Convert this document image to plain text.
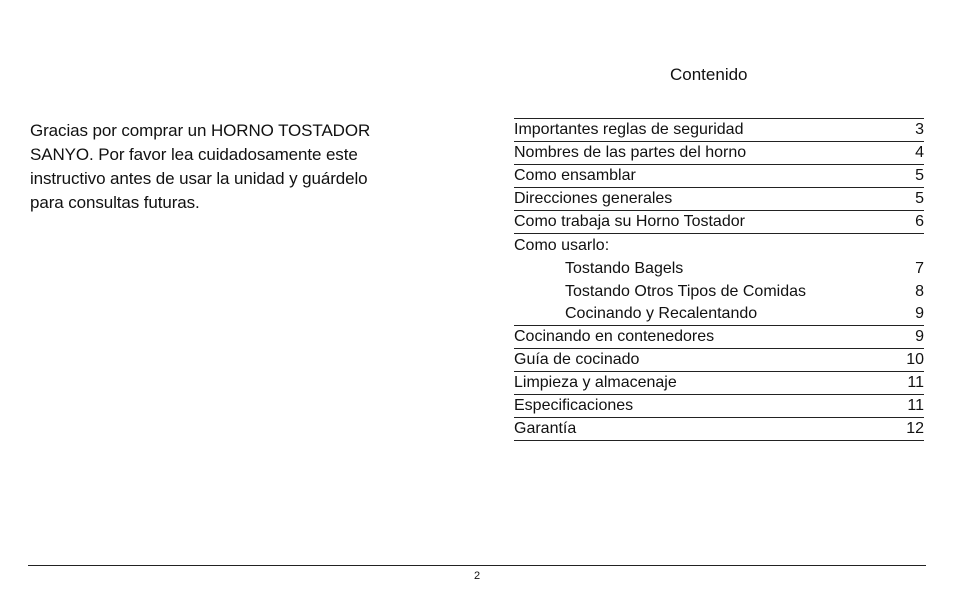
Gracias por comprar un HORNO TOSTADOR
SANYO. Por favor lea cuidadosamente este
instructivo antes de usar la unidad y guárdelo
para consultas futuras.
Contenido
Importantes reglas de seguridad	3
Nombres de las partes del horno	4
Como ensamblar	5
Direcciones generales	5
Como trabaja su Horno Tostador	6
Como usarlo:
Tostando Bagels	7
Tostando Otros Tipos de Comidas	8
Cocinando y Recalentando	9
Cocinando en contenedores	9
Guía de cocinado	10
Limpieza y almacenaje	11
Especificaciones	11
Garantía	12
2
